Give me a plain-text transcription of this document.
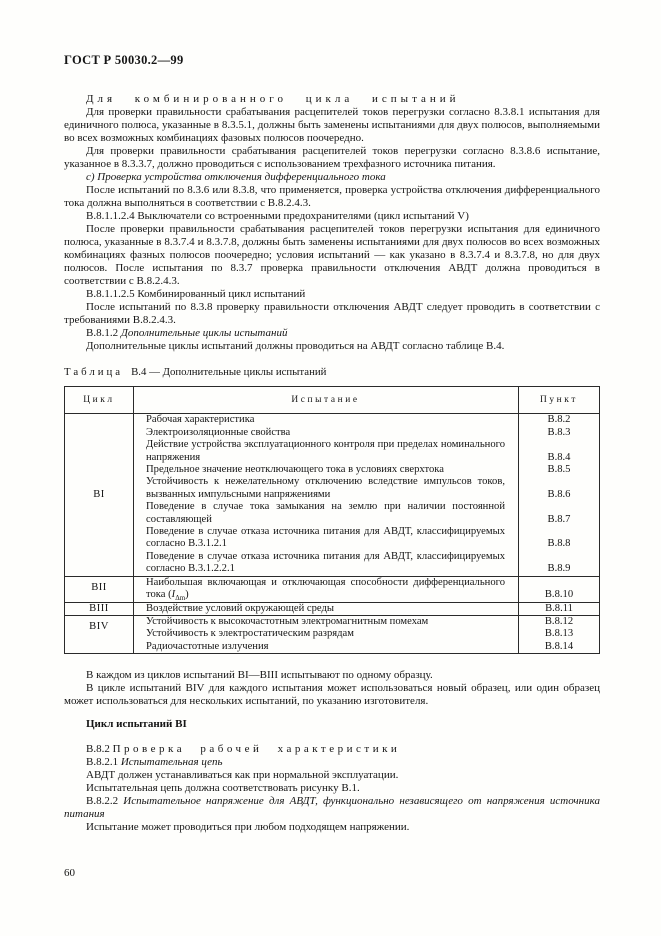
ГОСТ Р 50030.2—99

Для комбинированного цикла испытаний

Для проверки правильности срабатывания расцепителей токов перегрузки согласно 8.3.8.1 испытания для единичного полюса, указанные в 8.3.5.1, должны быть заменены испытаниями для двух полюсов, выполняемыми во всех возможных комбинациях фазовых полюсов поочередно.

Для проверки правильности срабатывания расцепителей токов перегрузки согласно 8.3.8.6 испытание, указанное в 8.3.3.7, должно проводиться с использованием трехфазного источника питания.

с) Проверка устройства отключения дифференциального тока

После испытаний по 8.3.6 или 8.3.8, что применяется, проверка устройства отключения дифференциального тока должна выполняться в соответствии с В.8.2.4.3.

В.8.1.1.2.4 Выключатели со встроенными предохранителями (цикл испытаний V)

После проверки правильности срабатывания расцепителей токов перегрузки испытания для единичного полюса, указанные в 8.3.7.4 и 8.3.7.8, должны быть заменены испытаниями для двух полюсов во всех возможных комбинациях фазных полюсов поочередно; условия испытаний — как указано в 8.3.7.4 и 8.3.7.8, но для двух полюсов. После испытания по 8.3.7 проверка правильности отключения АВДТ должна проводиться в соответствии с В.8.2.4.3.

В.8.1.1.2.5 Комбинированный цикл испытаний

После испытаний по 8.3.8 проверку правильности отключения АВДТ следует проводить в соответствии с требованиями В.8.2.4.3.

В.8.1.2 Дополнительные циклы испытаний

Дополнительные циклы испытаний должны проводиться на АВДТ согласно таблице В.4.

Таблица В.4 — Дополнительные циклы испытаний

Цикл	Испытание Пункт

ВI	
Рабочая характеристика	В.8.2
Электроизоляционные свойства	В.8.3
Действие устройства эксплуатационного контроля при пределах номинального напряжения	В.8.4
Предельное значение неотключающего тока в условиях сверхтока	В.8.5
Устойчивость к нежелательному отключению вследствие импульсов токов, вызванных импульсными напряжениями	В.8.6
Поведение в случае тока замыкания на землю при наличии постоянной составляющей	В.8.7
Поведение в случае отказа источника питания для АВДТ, классифицируемых согласно В.3.1.2.1	В.8.8
Поведение в случае отказа источника питания для АВДТ, классифицируемых согласно В.3.1.2.2.1	В.8.9

ВII	Наибольшая включающая и отключающая способности дифференциального тока $(I_{\Delta m})$ В.8.10

ВIII	Воздействие условий окружающей среды В.8.11

ВIV	Устойчивость к высокочастотным электромагнитным помехам	В.8.12
Устойчивость к электростатическим разрядам	В.8.13
Радиочастотные излучения	В.8.14

В каждом из циклов испытаний ВI—ВIII испытывают по одному образцу.

В цикле испытаний ВIV для каждого испытания может использоваться новый образец, или один образец может использоваться для нескольких испытаний, по указанию изготовителя.

Цикл испытаний ВI

В.8.2 Проверка рабочей характеристики

В.8.2.1 Испытательная цепь

АВДТ должен устанавливаться как при нормальной эксплуатации.

Испытательная цепь должна соответствовать рисунку В.1.

В.8.2.2 Испытательное напряжение для АВДТ, функционально независящего от напряжения источника питания

Испытание может проводиться при любом подходящем напряжении.

60
